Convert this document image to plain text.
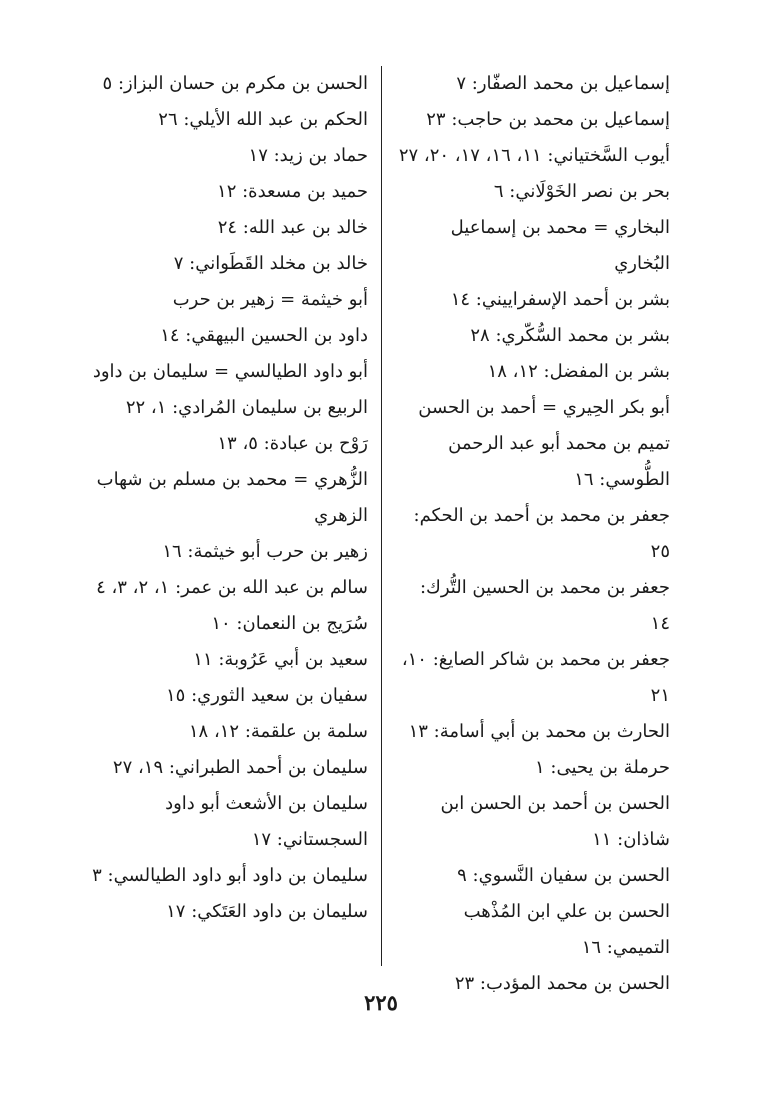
إسماعيل بن محمد الصفّار: ٧

إسماعيل بن محمد بن حاجب: ٢٣

أيوب السَّختياني: ١١، ١٦، ١٧، ٢٠، ٢٧

بحر بن نصر الخَوْلَاني: ٦

البخاري = محمد بن إسماعيل البُخاري

بشر بن أحمد الإسفراييني: ١٤

بشر بن محمد السُّكّري: ٢٨

بشر بن المفضل: ١٢، ١٨

أبو بكر الحِيري = أحمد بن الحسن

تميم بن محمد أبو عبد الرحمن الطُّوسي: ١٦

جعفر بن محمد بن أحمد بن الحكم: ٢٥

جعفر بن محمد بن الحسين التُّرك: ١٤

جعفر بن محمد بن شاكر الصايغ: ١٠، ٢١

الحارث بن محمد بن أبي أسامة: ١٣

حرملة بن يحيى: ١

الحسن بن أحمد بن الحسن ابن شاذان: ١١

الحسن بن سفيان النَّسوي: ٩

الحسن بن علي ابن المُذْهب التميمي: ١٦

الحسن بن محمد المؤدب: ٢٣

الحسن بن مكرم بن حسان البزاز: ٥

الحكم بن عبد الله الأيلي: ٢٦

حماد بن زيد: ١٧

حميد بن مسعدة: ١٢

خالد بن عبد الله: ٢٤

خالد بن مخلد القَطَواني: ٧

أبو خيثمة = زهير بن حرب

داود بن الحسين البيهقي: ١٤

أبو داود الطيالسي = سليمان بن داود

الربيع بن سليمان المُرادي: ١، ٢٢

رَوْح بن عبادة: ٥، ١٣

الزُّهري = محمد بن مسلم بن شهاب الزهري

زهير بن حرب أبو خيثمة: ١٦

سالم بن عبد الله بن عمر: ١، ٢، ٣، ٤

سُرَيج بن النعمان: ١٠

سعيد بن أبي عَرُوبة: ١١

سفيان بن سعيد الثوري: ١٥

سلمة بن علقمة: ١٢، ١٨

سليمان بن أحمد الطبراني: ١٩، ٢٧

سليمان بن الأشعث أبو داود السجستاني: ١٧

سليمان بن داود أبو داود الطيالسي: ٣

سليمان بن داود العَتَكي: ١٧

٢٢٥
